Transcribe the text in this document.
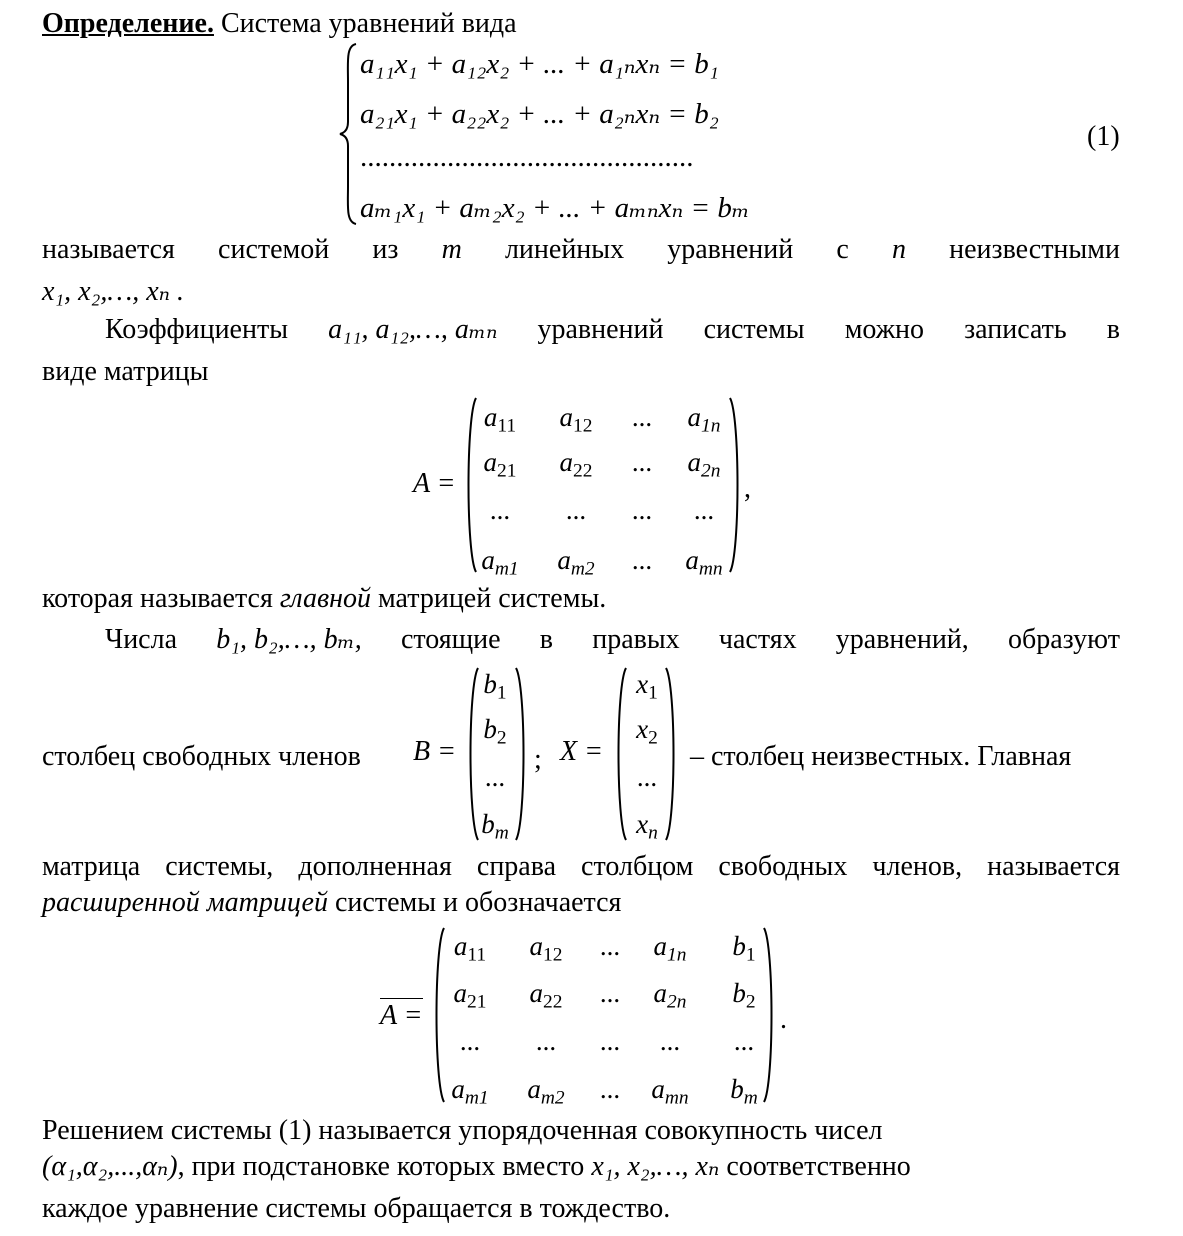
Определение. Система уравнений вида
a₁₁x₁ + a₁₂x₂ + ... + a₁ₙxₙ = b₁
a₂₁x₁ + a₂₂x₂ + ... + a₂ₙxₙ = b₂
..............................................
aₘ₁x₁ + aₘ₂x₂ + ... + aₘₙxₙ = bₘ
(1)
называется системой из m линейных уравнений с n неизвестными
x₁, x₂,…, xₙ .
Коэффициенты a₁₁, a₁₂,…, aₘₙ уравнений системы можно записать в
виде матрицы
A =
$a_{11}$	$a_{12}$	...	$a_{1n}$
$a_{21}$	$a_{22}$	...	$a_{2n}$
...	...	...	...
$a_{m1}$	$a_{m2}$	...	$a_{mn}$
,
которая называется главной матрицей системы.
Числа b₁, b₂,…, bₘ, стоящие в правых частях уравнений, образуют
столбец свободных членов B =
$b_1$
$b_2$
...
$b_m$
; X =
$x_1$
$x_2$
...
$x_n$
– столбец неизвестных. Главная
матрица системы, дополненная справа столбцом свободных членов, называется
расширенной матрицей системы и обозначается
A =
$a_{11}$	$a_{12}$	...	$a_{1n}$	$b_1$
$a_{21}$	$a_{22}$	...	$a_{2n}$	$b_2$
...	...	...	...	...
$a_{m1}$	$a_{m2}$	...	$a_{mn}$	$b_m$
.
Решением системы (1) называется упорядоченная совокупность чисел
(α₁,α₂,...,αₙ), при подстановке которых вместо x₁, x₂,…, xₙ соответственно
каждое уравнение системы обращается в тождество.
